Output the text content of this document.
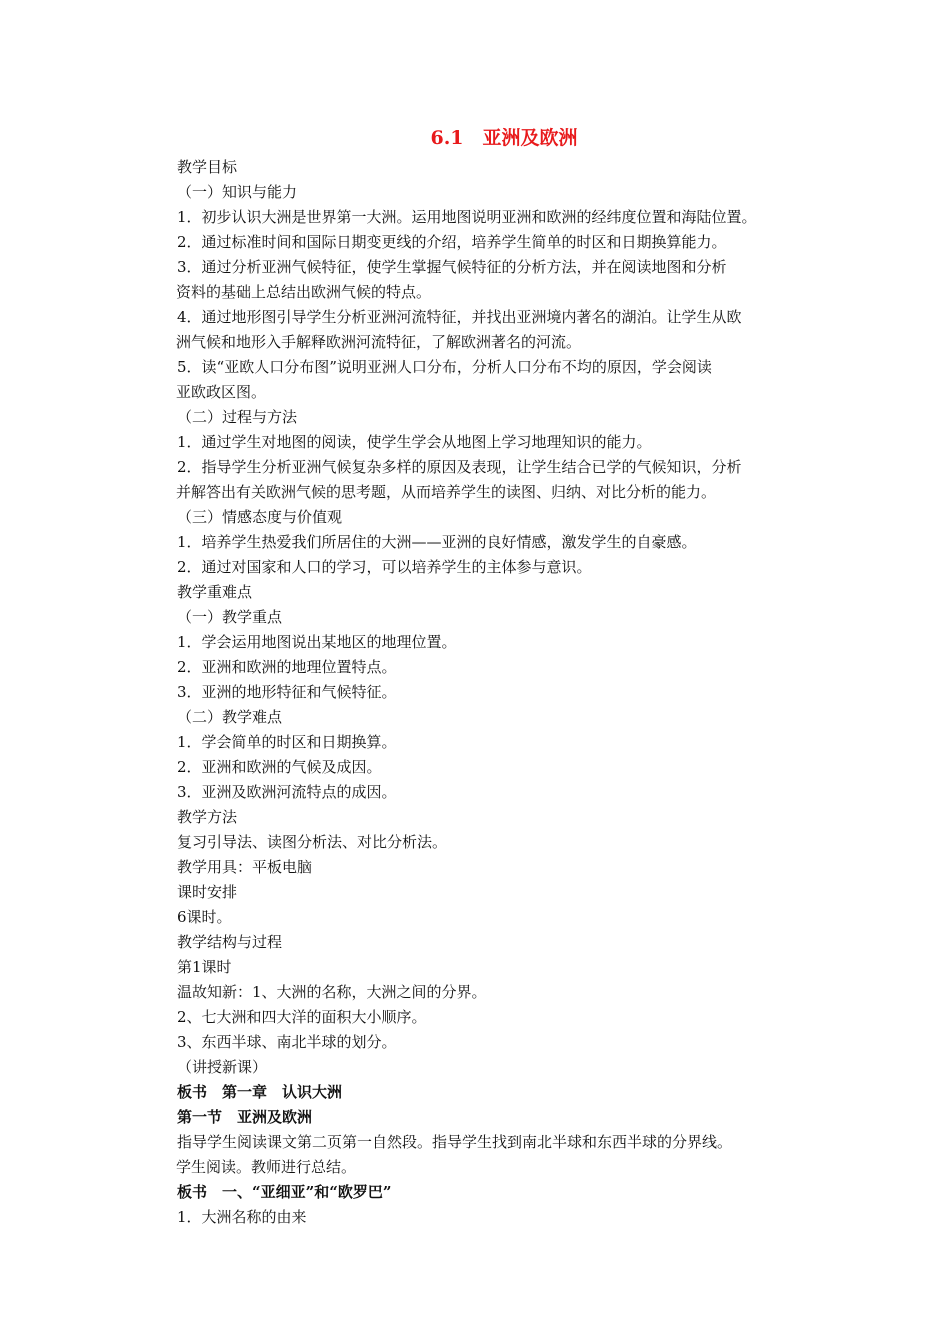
6.1　亚洲及欧洲
教学目标
（一）知识与能力
1．初步认识大洲是世界第一大洲。运用地图说明亚洲和欧洲的经纬度位置和海陆位置。
2．通过标准时间和国际日期变更线的介绍，培养学生简单的时区和日期换算能力。
3．通过分析亚洲气候特征，使学生掌握气候特征的分析方法，并在阅读地图和分析
资料的基础上总结出欧洲气候的特点。
4．通过地形图引导学生分析亚洲河流特征，并找出亚洲境内著名的湖泊。让学生从欧
洲气候和地形入手解释欧洲河流特征，了解欧洲著名的河流。
5．读“亚欧人口分布图”说明亚洲人口分布，分析人口分布不均的原因，学会阅读
亚欧政区图。
（二）过程与方法
1．通过学生对地图的阅读，使学生学会从地图上学习地理知识的能力。
2．指导学生分析亚洲气候复杂多样的原因及表现，让学生结合已学的气候知识，分析
并解答出有关欧洲气候的思考题，从而培养学生的读图、归纳、对比分析的能力。
（三）情感态度与价值观
1．培养学生热爱我们所居住的大洲——亚洲的良好情感，激发学生的自豪感。
2．通过对国家和人口的学习，可以培养学生的主体参与意识。
教学重难点
（一）教学重点
1．学会运用地图说出某地区的地理位置。
2．亚洲和欧洲的地理位置特点。
3．亚洲的地形特征和气候特征。
（二）教学难点
1．学会简单的时区和日期换算。
2．亚洲和欧洲的气候及成因。
3．亚洲及欧洲河流特点的成因。
教学方法
复习引导法、读图分析法、对比分析法。
教学用具：平板电脑
课时安排
6课时。
教学结构与过程
第1课时
温故知新：1、大洲的名称，大洲之间的分界。
2、七大洲和四大洋的面积大小顺序。
3、东西半球、南北半球的划分。
（讲授新课）
板书　第一章　认识大洲
第一节　亚洲及欧洲
指导学生阅读课文第二页第一自然段。指导学生找到南北半球和东西半球的分界线。
学生阅读。教师进行总结。
板书　一、“亚细亚”和“欧罗巴”
1．大洲名称的由来
